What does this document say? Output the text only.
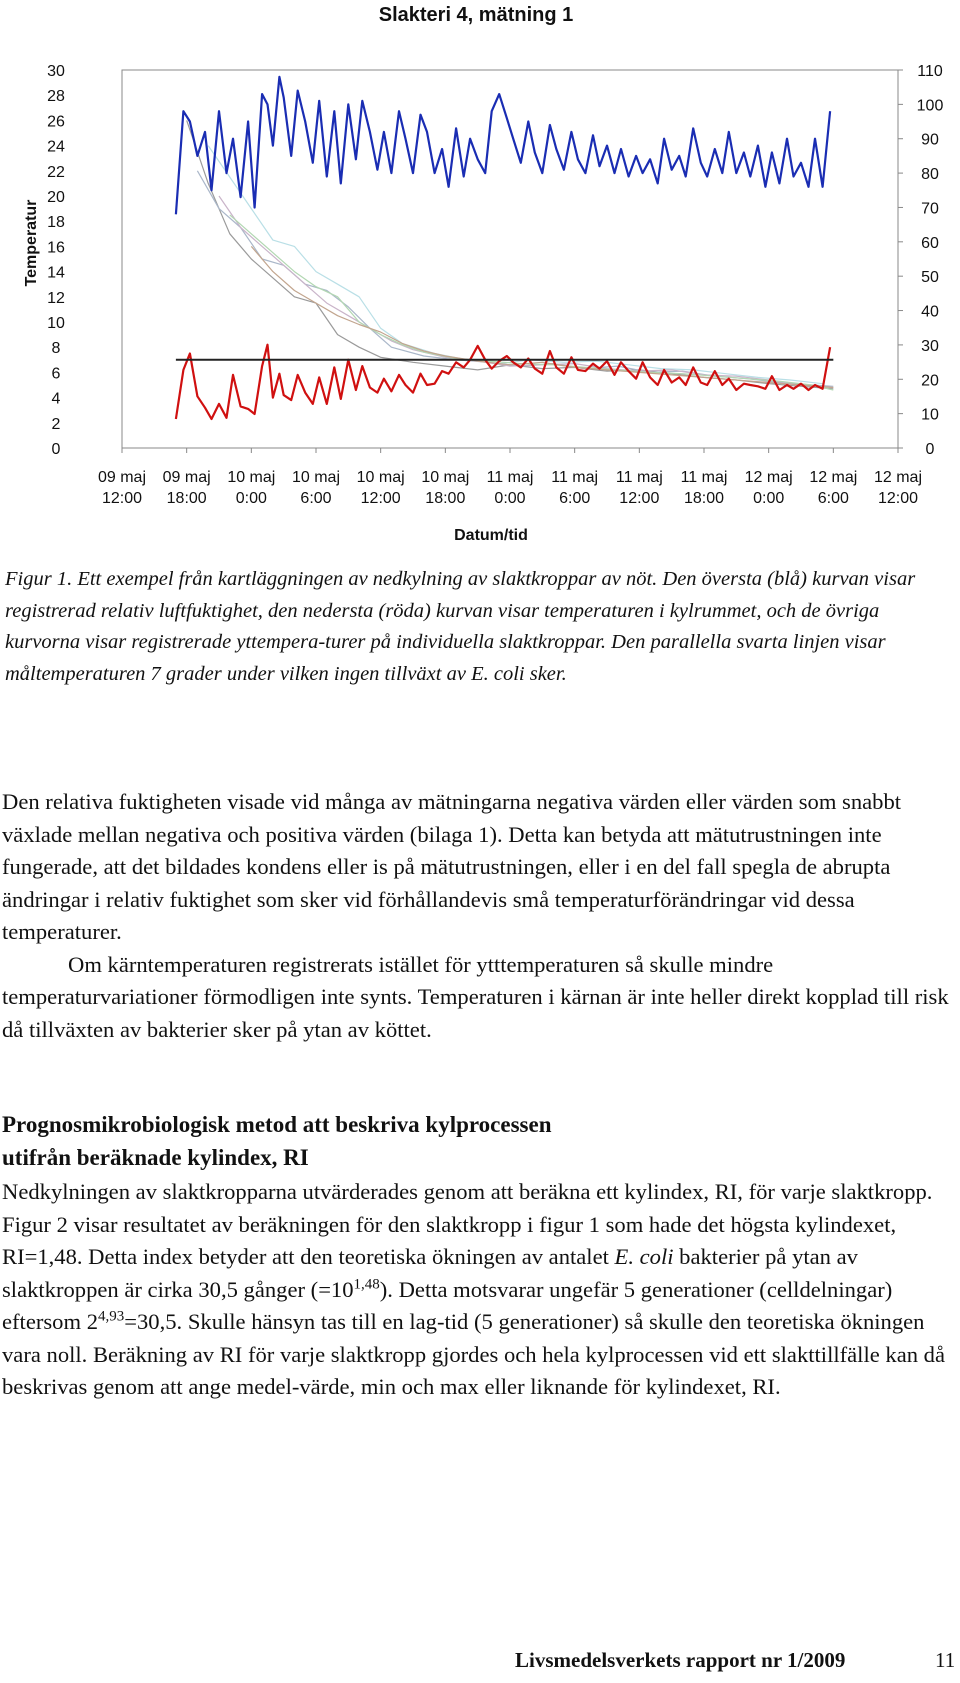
Slakteri 4, mätning 1
Temperatur
30
28
26
24
22
20
18
16
14
12
10
8
6
4
2
0
110
100
90
80
70
60
50
40
30
20
10
0
09 maj 12:00
09 maj 18:00
10 maj 0:00
10 maj 6:00
10 maj 12:00
10 maj 18:00
11 maj 0:00
11 maj 6:00
11 maj 12:00
11 maj 18:00
12 maj 0:00
12 maj 6:00
12 maj 12:00
Datum/tid
Figur 1. Ett exempel från kartläggningen av nedkylning av slaktkroppar av nöt. Den översta (blå) kurvan visar registrerad relativ luftfuktighet, den nedersta (röda) kurvan visar temperaturen i kylrummet, och de övriga kurvorna visar registrerade yttempera-turer på individuella slaktkroppar. Den parallella svarta linjen visar måltemperaturen 7 grader under vilken ingen tillväxt av E. coli sker.

Den relativa fuktigheten visade vid många av mätningarna negativa värden eller värden som snabbt växlade mellan negativa och positiva värden (bilaga 1). Detta kan betyda att mätutrustningen inte fungerade, att det bildades kondens eller is på mätutrustningen, eller i en del fall spegla de abrupta ändringar i relativ fuktighet som sker vid förhållandevis små temperaturförändringar vid dessa temperaturer.

Om kärntemperaturen registrerats istället för ytttemperaturen så skulle mindre temperaturvariationer förmodligen inte synts. Temperaturen i kärnan är inte heller direkt kopplad till risk då tillväxten av bakterier sker på ytan av köttet.

Prognosmikrobiologisk metod att beskriva kylprocessen
utifrån beräknade kylindex, RI

Nedkylningen av slaktkropparna utvärderades genom att beräkna ett kylindex, RI, för varje slaktkropp. Figur 2 visar resultatet av beräkningen för den slaktkropp i figur 1 som hade det högsta kylindexet, RI=1,48. Detta index betyder att den teoretiska ökningen av antalet E. coli bakterier på ytan av slaktkroppen är cirka 30,5 gånger $(=10^{1,48})$. Detta motsvarar ungefär 5 generationer (celldelningar) eftersom $2^{4,93}=30,5$. Skulle hänsyn tas till en lag-tid (5 generationer) så skulle den teoretiska ökningen vara noll. Beräkning av RI för varje slaktkropp gjordes och hela kylprocessen vid ett slakttillfälle kan då beskrivas genom att ange medel-värde, min och max eller liknande för kylindexet, RI.

Livsmedelsverkets rapport nr 1/2009	11
